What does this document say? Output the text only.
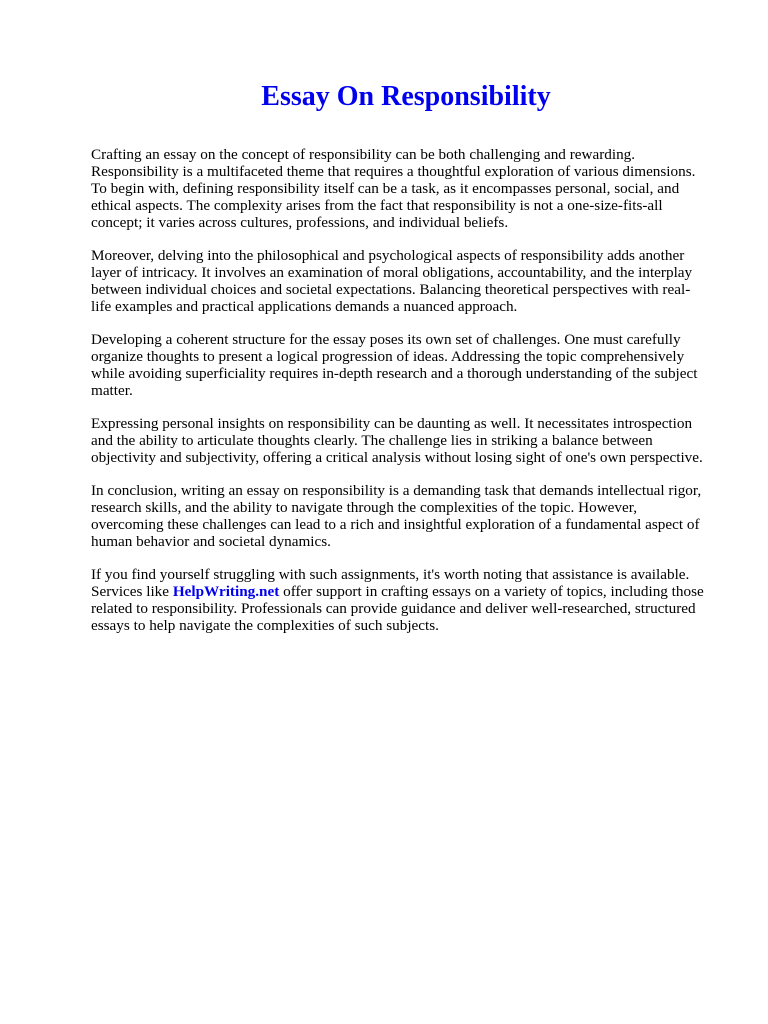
Essay On Responsibility

Crafting an essay on the concept of responsibility can be both challenging and rewarding.
Responsibility is a multifaceted theme that requires a thoughtful exploration of various dimensions.
To begin with, defining responsibility itself can be a task, as it encompasses personal, social, and
ethical aspects. The complexity arises from the fact that responsibility is not a one-size-fits-all
concept; it varies across cultures, professions, and individual beliefs.

Moreover, delving into the philosophical and psychological aspects of responsibility adds another
layer of intricacy. It involves an examination of moral obligations, accountability, and the interplay
between individual choices and societal expectations. Balancing theoretical perspectives with real-
life examples and practical applications demands a nuanced approach.

Developing a coherent structure for the essay poses its own set of challenges. One must carefully
organize thoughts to present a logical progression of ideas. Addressing the topic comprehensively
while avoiding superficiality requires in-depth research and a thorough understanding of the subject
matter.

Expressing personal insights on responsibility can be daunting as well. It necessitates introspection
and the ability to articulate thoughts clearly. The challenge lies in striking a balance between
objectivity and subjectivity, offering a critical analysis without losing sight of one's own perspective.

In conclusion, writing an essay on responsibility is a demanding task that demands intellectual rigor,
research skills, and the ability to navigate through the complexities of the topic. However,
overcoming these challenges can lead to a rich and insightful exploration of a fundamental aspect of
human behavior and societal dynamics.

If you find yourself struggling with such assignments, it's worth noting that assistance is available.
Services like HelpWriting.net offer support in crafting essays on a variety of topics, including those
related to responsibility. Professionals can provide guidance and deliver well-researched, structured
essays to help navigate the complexities of such subjects.
